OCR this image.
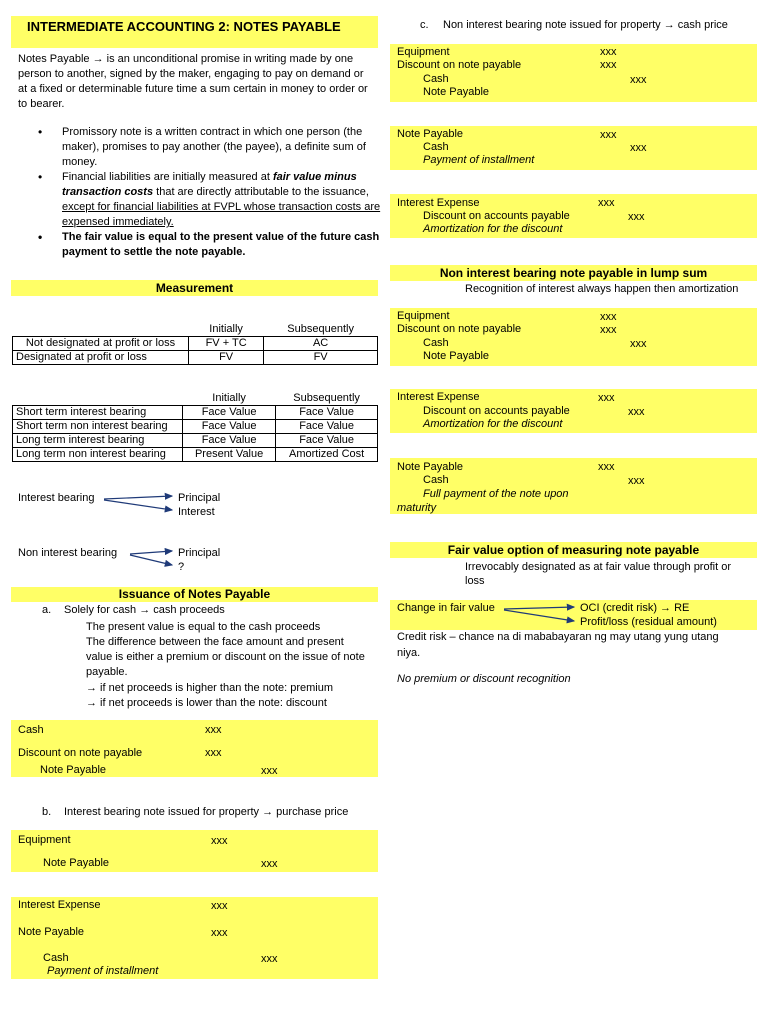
INTERMEDIATE ACCOUNTING 2: NOTES PAYABLE
Notes Payable → is an unconditional promise in writing made by one person to another, signed by the maker, engaging to pay on demand or at a fixed or determinable future time a sum certain in money to order or to bearer.
• Promissory note is a written contract in which one person (the maker), promises to pay another (the payee), a definite sum of money.
• Financial liabilities are initially measured at fair value minus transaction costs that are directly attributable to the issuance, except for financial liabilities at FVPL whose transaction costs are expensed immediately.
• The fair value is equal to the present value of the future cash payment to settle the note payable.
Measurement
	Initially	Subsequently
Not designated at profit or loss	FV + TC	AC
Designated at profit or loss	FV	FV
	Initially	Subsequently
Short term interest bearing	Face Value	Face Value
Short term non interest bearing	Face Value	Face Value
Long term interest bearing	Face Value	Face Value
Long term non interest bearing	Present Value	Amortized Cost
Interest bearing	Principal
Interest
Non interest bearing	Principal
?
Issuance of Notes Payable
a. Solely for cash → cash proceeds
The present value is equal to the cash proceeds
The difference between the face amount and present value is either a premium or discount on the issue of note payable.
→ if net proceeds is higher than the note: premium
→ if net proceeds is lower than the note: discount
Cash	xxx
Discount on note payable	xxx
Note Payable	xxx
b. Interest bearing note issued for property → purchase price
Equipment	xxx
Note Payable	xxx
Interest Expense	xxx
Note Payable	xxx
Cash	xxx
Payment of installment
c. Non interest bearing note issued for property → cash price
Equipment	xxx
Discount on note payable	xxx
Cash	xxx
Note Payable
Note Payable	xxx
Cash	xxx
Payment of installment
Interest Expense	xxx
Discount on accounts payable	xxx
Amortization for the discount
Non interest bearing note payable in lump sum
Recognition of interest always happen then amortization
Equipment	xxx
Discount on note payable	xxx
Cash	xxx
Note Payable
Interest Expense	xxx
Discount on accounts payable	xxx
Amortization for the discount
Note Payable	xxx
Cash	xxx
Full payment of the note upon maturity
Fair value option of measuring note payable
Irrevocably designated as at fair value through profit or loss
Change in fair value	OCI (credit risk) → RE
Profit/loss (residual amount)
Credit risk – chance na di mababayaran ng may utang yung utang niya.
No premium or discount recognition
